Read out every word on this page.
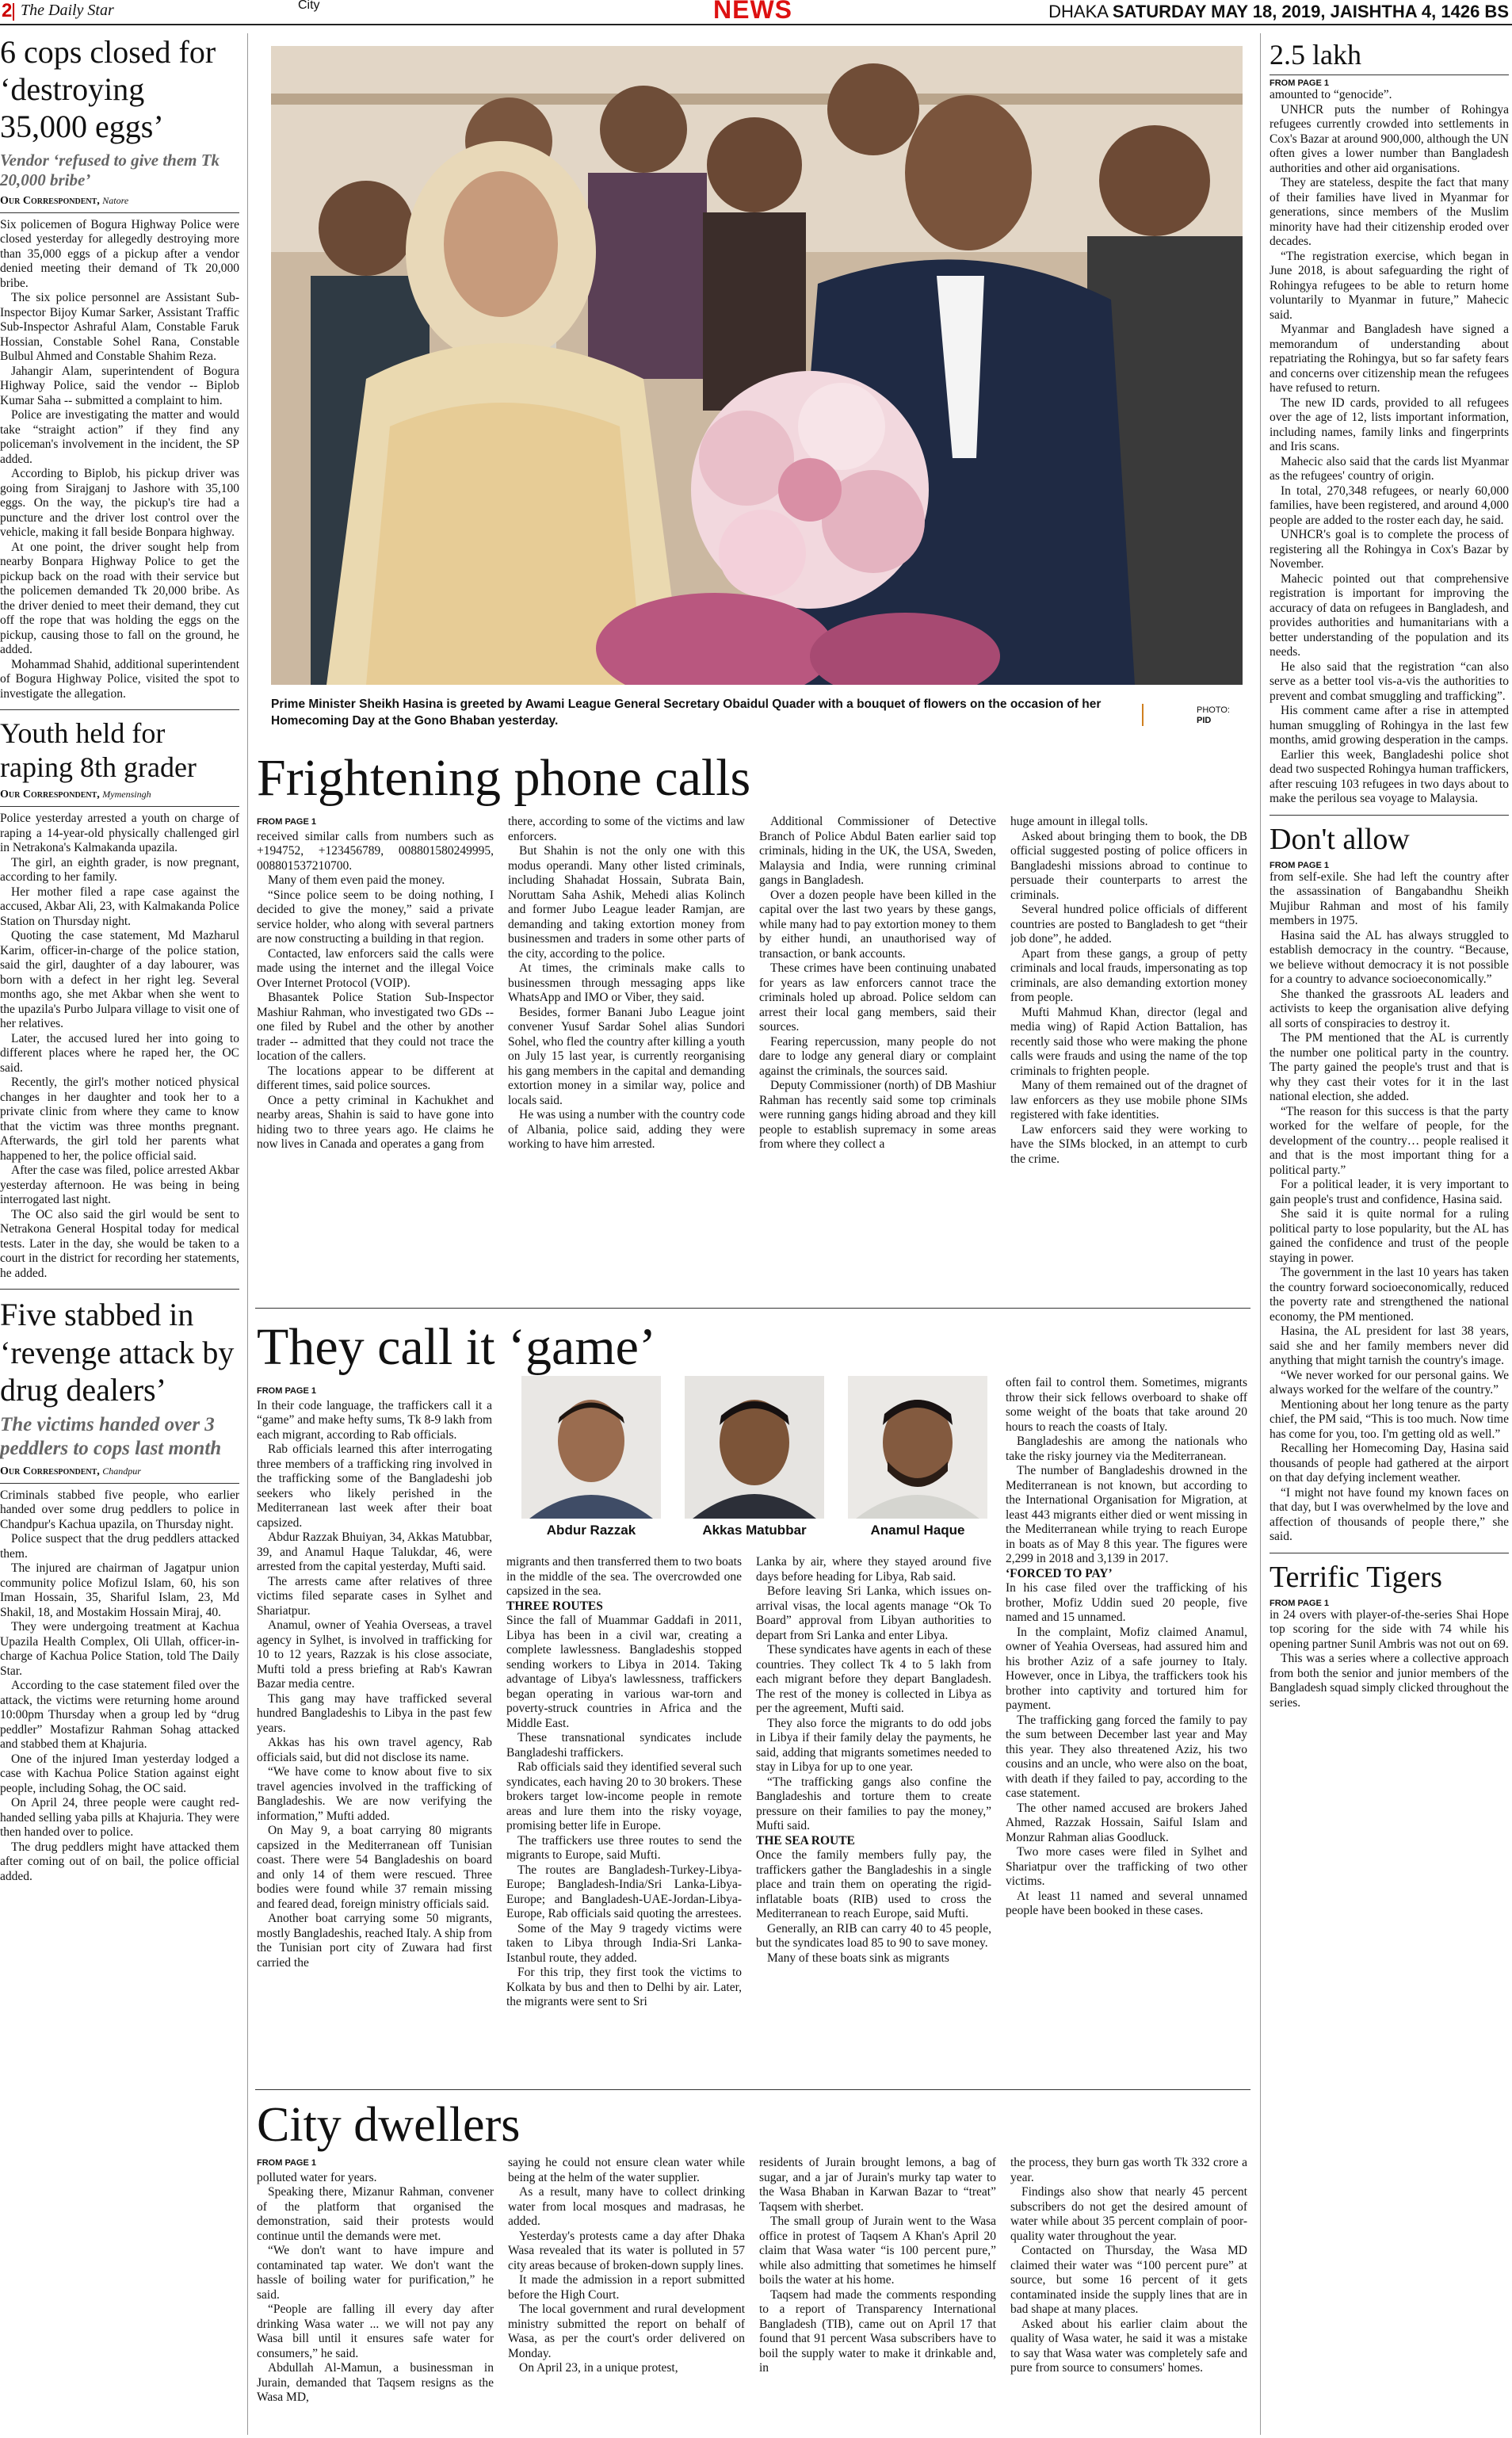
2 The Daily Star	City	NEWS	DHAKA SATURDAY MAY 18, 2019, JAISHTHA 4, 1426 BS
6 cops closed for ‘destroying 35,000 eggs’
Vendor ‘refused to give them Tk 20,000 bribe’
Our Correspondent, Natore

Six policemen of Bogura Highway Police were closed yesterday for allegedly destroying more than 35,000 eggs of a pickup after a vendor denied meeting their demand of Tk 20,000 bribe.

The six police personnel are Assistant Sub-Inspector Bijoy Kumar Sarker, Assistant Traffic Sub-Inspector Ashraful Alam, Constable Faruk Hossian, Constable Sohel Rana, Constable Bulbul Ahmed and Constable Shahim Reza.

Jahangir Alam, superintendent of Bogura Highway Police, said the vendor -- Biplob Kumar Saha -- submitted a complaint to him.

Police are investigating the matter and would take “straight action” if they find any policeman's involvement in the incident, the SP added.

According to Biplob, his pickup driver was going from Sirajganj to Jashore with 35,100 eggs. On the way, the pickup's tire had a puncture and the driver lost control over the vehicle, making it fall beside Bonpara highway.

At one point, the driver sought help from nearby Bonpara Highway Police to get the pickup back on the road with their service but the policemen demanded Tk 20,000 bribe. As the driver denied to meet their demand, they cut off the rope that was holding the eggs on the pickup, causing those to fall on the ground, he added.

Mohammad Shahid, additional superintendent of Bogura Highway Police, visited the spot to investigate the allegation.

Youth held for raping 8th grader
Our Correspondent, Mymensingh

Police yesterday arrested a youth on charge of raping a 14-year-old physically challenged girl in Netrakona's Kalmakanda upazila.

The girl, an eighth grader, is now pregnant, according to her family.

Her mother filed a rape case against the accused, Akbar Ali, 23, with Kalmakanda Police Station on Thursday night.

Quoting the case statement, Md Mazharul Karim, officer-in-charge of the police station, said the girl, daughter of a day labourer, was born with a defect in her right leg. Several months ago, she met Akbar when she went to the upazila's Purbo Julpara village to visit one of her relatives.

Later, the accused lured her into going to different places where he raped her, the OC said.

Recently, the girl's mother noticed physical changes in her daughter and took her to a private clinic from where they came to know that the victim was three months pregnant. Afterwards, the girl told her parents what happened to her, the police official said.

After the case was filed, police arrested Akbar yesterday afternoon. He was being in being interrogated last night.

The OC also said the girl would be sent to Netrakona General Hospital today for medical tests. Later in the day, she would be taken to a court in the district for recording her statements, he added.

Five stabbed in ‘revenge attack by drug dealers’
The victims handed over 3 peddlers to cops last month
Our Correspondent, Chandpur

Criminals stabbed five people, who earlier handed over some drug peddlers to police in Chandpur's Kachua upazila, on Thursday night.

Police suspect that the drug peddlers attacked them.

The injured are chairman of Jagatpur union community police Mofizul Islam, 60, his son Iman Hossain, 35, Shariful Islam, 23, Md Shakil, 18, and Mostakim Hossain Miraj, 40.

They were undergoing treatment at Kachua Upazila Health Complex, Oli Ullah, officer-in-charge of Kachua Police Station, told The Daily Star.

According to the case statement filed over the attack, the victims were returning home around 10:00pm Thursday when a group led by “drug peddler” Mostafizur Rahman Sohag attacked and stabbed them at Khajuria.

One of the injured Iman yesterday lodged a case with Kachua Police Station against eight people, including Sohag, the OC said.

On April 24, three people were caught red-handed selling yaba pills at Khajuria. They were then handed over to police.

The drug peddlers might have attacked them after coming out of on bail, the police official added.

Prime Minister Sheikh Hasina is greeted by Awami League General Secretary Obaidul Quader with a bouquet of flowers on the occasion of her Homecoming Day at the Gono Bhaban yesterday.
PHOTO:
PID
Frightening phone calls
FROM PAGE 1

received similar calls from numbers such as +194752, +123456789, 008801580249995, 008801537210700.

Many of them even paid the money.

“Since police seem to be doing nothing, I decided to give the money,” said a private service holder, who along with several partners are now constructing a building in that region.

Contacted, law enforcers said the calls were made using the internet and the illegal Voice Over Internet Protocol (VOIP).

Bhasantek Police Station Sub-Inspector Mashiur Rahman, who investigated two GDs -- one filed by Rubel and the other by another trader -- admitted that they could not trace the location of the callers.

The locations appear to be different at different times, said police sources.

Once a petty criminal in Kachukhet and nearby areas, Shahin is said to have gone into hiding two to three years ago. He claims he now lives in Canada and operates a gang from

there, according to some of the victims and law enforcers.

But Shahin is not the only one with this modus operandi. Many other listed criminals, including Shahadat Hossain, Subrata Bain, Noruttam Saha Ashik, Mehedi alias Kolinch and former Jubo League leader Ramjan, are demanding and taking extortion money from businessmen and traders in some other parts of the city, according to the police.

At times, the criminals make calls to businessmen through messaging apps like WhatsApp and IMO or Viber, they said.

Besides, former Banani Jubo League joint convener Yusuf Sardar Sohel alias Sundori Sohel, who fled the country after killing a youth on July 15 last year, is currently reorganising his gang members in the capital and demanding extortion money in a similar way, police and locals said.

He was using a number with the country code of Albania, police said, adding they were working to have him arrested.

Additional Commissioner of Detective Branch of Police Abdul Baten earlier said top criminals, hiding in the UK, the USA, Sweden, Malaysia and India, were running criminal gangs in Bangladesh.

Over a dozen people have been killed in the capital over the last two years by these gangs, while many had to pay extortion money to them by either hundi, an unauthorised way of transaction, or bank accounts.

These crimes have been continuing unabated for years as law enforcers cannot trace the criminals holed up abroad. Police seldom can arrest their local gang members, said their sources.

Fearing repercussion, many people do not dare to lodge any general diary or complaint against the criminals, the sources said.

Deputy Commissioner (north) of DB Mashiur Rahman has recently said some top criminals were running gangs hiding abroad and they kill people to establish supremacy in some areas from where they collect a

huge amount in illegal tolls.

Asked about bringing them to book, the DB official suggested posting of police officers in Bangladeshi missions abroad to continue to persuade their counterparts to arrest the criminals.

Several hundred police officials of different countries are posted to Bangladesh to get “their job done”, he added.

Apart from these gangs, a group of petty criminals and local frauds, impersonating as top criminals, are also demanding extortion money from people.

Mufti Mahmud Khan, director (legal and media wing) of Rapid Action Battalion, has recently said those who were making the phone calls were frauds and using the name of the top criminals to frighten people.

Many of them remained out of the dragnet of law enforcers as they use mobile phone SIMs registered with fake identities.

Law enforcers said they were working to have the SIMs blocked, in an attempt to curb the crime.

They call it ‘game’
FROM PAGE 1

In their code language, the traffickers call it a “game” and make hefty sums, Tk 8-9 lakh from each migrant, according to Rab officials.

Rab officials learned this after interrogating three members of a trafficking ring involved in the trafficking some of the Bangladeshi job seekers who likely perished in the Mediterranean last week after their boat capsized.

Abdur Razzak Bhuiyan, 34, Akkas Matubbar, 39, and Anamul Haque Talukdar, 46, were arrested from the capital yesterday, Mufti said.

The arrests came after relatives of three victims filed separate cases in Sylhet and Shariatpur.

Anamul, owner of Yeahia Overseas, a travel agency in Sylhet, is involved in trafficking for 10 to 12 years, Razzak is his close associate, Mufti told a press briefing at Rab's Kawran Bazar media centre.

This gang may have trafficked several hundred Bangladeshis to Libya in the past few years.

Akkas has his own travel agency, Rab officials said, but did not disclose its name.

“We have come to know about five to six travel agencies involved in the trafficking of Bangladeshis. We are now verifying the information,” Mufti added.

On May 9, a boat carrying 80 migrants capsized in the Mediterranean off Tunisian coast. There were 54 Bangladeshis on board and only 14 of them were rescued. Three bodies were found while 37 remain missing and feared dead, foreign ministry officials said.

Another boat carrying some 50 migrants, mostly Bangladeshis, reached Italy. A ship from the Tunisian port city of Zuwara had first carried the

Abdur Razzak	Akkas Matubbar	Anamul Haque

migrants and then transferred them to two boats in the middle of the sea. The overcrowded one capsized in the sea.

THREE ROUTES

Since the fall of Muammar Gaddafi in 2011, Libya has been in a civil war, creating a complete lawlessness. Bangladeshis stopped sending workers to Libya in 2014. Taking advantage of Libya's lawlessness, traffickers began operating in various war-torn and poverty-struck countries in Africa and the Middle East.

These transnational syndicates include Bangladeshi traffickers.

Rab officials said they identified several such syndicates, each having 20 to 30 brokers. These brokers target low-income people in remote areas and lure them into the risky voyage, promising better life in Europe.

The traffickers use three routes to send the migrants to Europe, said Mufti.

The routes are Bangladesh-Turkey-Libya-Europe; Bangladesh-India/Sri Lanka-Libya-Europe; and Bangladesh-UAE-Jordan-Libya-Europe, Rab officials said quoting the arrestees.

Some of the May 9 tragedy victims were taken to Libya through India-Sri Lanka-Istanbul route, they added.

For this trip, they first took the victims to Kolkata by bus and then to Delhi by air. Later, the migrants were sent to Sri

Lanka by air, where they stayed around five days before heading for Libya, Rab said.

Before leaving Sri Lanka, which issues on-arrival visas, the local agents manage “Ok To Board” approval from Libyan authorities to depart from Sri Lanka and enter Libya.

These syndicates have agents in each of these countries. They collect Tk 4 to 5 lakh from each migrant before they depart Bangladesh. The rest of the money is collected in Libya as per the agreement, Mufti said.

They also force the migrants to do odd jobs in Libya if their family delay the payments, he said, adding that migrants sometimes needed to stay in Libya for up to one year.

“The trafficking gangs also confine the Bangladeshis and torture them to create pressure on their families to pay the money,” Mufti said.

THE SEA ROUTE

Once the family members fully pay, the traffickers gather the Bangladeshis in a single place and train them on operating the rigid-inflatable boats (RIB) used to cross the Mediterranean to reach Europe, said Mufti.

Generally, an RIB can carry 40 to 45 people, but the syndicates load 85 to 90 to save money.

Many of these boats sink as migrants

often fail to control them. Sometimes, migrants throw their sick fellows overboard to shake off some weight of the boats that take around 20 hours to reach the coasts of Italy.

Bangladeshis are among the nationals who take the risky journey via the Mediterranean.

The number of Bangladeshis drowned in the Mediterranean is not known, but according to the International Organisation for Migration, at least 443 migrants either died or went missing in the Mediterranean while trying to reach Europe in boats as of May 8 this year. The figures were 2,299 in 2018 and 3,139 in 2017.

‘FORCED TO PAY’

In his case filed over the trafficking of his brother, Mofiz Uddin sued 20 people, five named and 15 unnamed.

In the complaint, Mofiz claimed Anamul, owner of Yeahia Overseas, had assured him and his brother Aziz of a safe journey to Italy. However, once in Libya, the traffickers took his brother into captivity and tortured him for payment.

The trafficking gang forced the family to pay the sum between December last year and May this year. They also threatened Aziz, his two cousins and an uncle, who were also on the boat, with death if they failed to pay, according to the case statement.

The other named accused are brokers Jahed Ahmed, Razzak Hossain, Saiful Islam and Monzur Rahman alias Goodluck.

Two more cases were filed in Sylhet and Shariatpur over the trafficking of two other victims.

At least 11 named and several unnamed people have been booked in these cases.

City dwellers
FROM PAGE 1

polluted water for years.

Speaking there, Mizanur Rahman, convener of the platform that organised the demonstration, said their protests would continue until the demands were met.

“We don't want to have impure and contaminated tap water. We don't want the hassle of boiling water for purification,” he said.

“People are falling ill every day after drinking Wasa water ... we will not pay any Wasa bill until it ensures safe water for consumers,” he said.

Abdullah Al-Mamun, a businessman in Jurain, demanded that Taqsem resigns as the Wasa MD,

saying he could not ensure clean water while being at the helm of the water supplier.

As a result, many have to collect drinking water from local mosques and madrasas, he added.

Yesterday's protests came a day after Dhaka Wasa revealed that its water is polluted in 57 city areas because of broken-down supply lines.

It made the admission in a report submitted before the High Court.

The local government and rural development ministry submitted the report on behalf of Wasa, as per the court's order delivered on Monday.

On April 23, in a unique protest,

residents of Jurain brought lemons, a bag of sugar, and a jar of Jurain's murky tap water to the Wasa Bhaban in Karwan Bazar to “treat” Taqsem with sherbet.

The small group of Jurain went to the Wasa office in protest of Taqsem A Khan's April 20 claim that Wasa water “is 100 percent pure,” while also admitting that sometimes he himself boils the water at his home.

Taqsem had made the comments responding to a report of Transparency International Bangladesh (TIB), came out on April 17 that found that 91 percent Wasa subscribers have to boil the supply water to make it drinkable and, in

the process, they burn gas worth Tk 332 crore a year.

Findings also show that nearly 45 percent subscribers do not get the desired amount of water while about 35 percent complain of poor-quality water throughout the year.

Contacted on Thursday, the Wasa MD claimed their water was “100 percent pure” at source, but some 16 percent of it gets contaminated inside the supply lines that are in bad shape at many places.

Asked about his earlier claim about the quality of Wasa water, he said it was a mistake to say that Wasa water was completely safe and pure from source to consumers' homes.

2.5 lakh
FROM PAGE 1

amounted to “genocide”.

UNHCR puts the number of Rohingya refugees currently crowded into settlements in Cox's Bazar at around 900,000, although the UN often gives a lower number than Bangladesh authorities and other aid organisations.

They are stateless, despite the fact that many of their families have lived in Myanmar for generations, since members of the Muslim minority have had their citizenship eroded over decades.

“The registration exercise, which began in June 2018, is about safeguarding the right of Rohingya refugees to be able to return home voluntarily to Myanmar in future,” Mahecic said.

Myanmar and Bangladesh have signed a memorandum of understanding about repatriating the Rohingya, but so far safety fears and concerns over citizenship mean the refugees have refused to return.

The new ID cards, provided to all refugees over the age of 12, lists important information, including names, family links and fingerprints and Iris scans.

Mahecic also said that the cards list Myanmar as the refugees' country of origin.

In total, 270,348 refugees, or nearly 60,000 families, have been registered, and around 4,000 people are added to the roster each day, he said.

UNHCR's goal is to complete the process of registering all the Rohingya in Cox's Bazar by November.

Mahecic pointed out that comprehensive registration is important for improving the accuracy of data on refugees in Bangladesh, and provides authorities and humanitarians with a better understanding of the population and its needs.

He also said that the registration “can also serve as a better tool vis-a-vis the authorities to prevent and combat smuggling and trafficking”.

His comment came after a rise in attempted human smuggling of Rohingya in the last few months, amid growing desperation in the camps.

Earlier this week, Bangladeshi police shot dead two suspected Rohingya human traffickers, after rescuing 103 refugees in two days about to make the perilous sea voyage to Malaysia.

Don't allow
FROM PAGE 1

from self-exile. She had left the country after the assassination of Bangabandhu Sheikh Mujibur Rahman and most of his family members in 1975.

Hasina said the AL has always struggled to establish democracy in the country. “Because, we believe without democracy it is not possible for a country to advance socioeconomically.”

She thanked the grassroots AL leaders and activists to keep the organisation alive defying all sorts of conspiracies to destroy it.

The PM mentioned that the AL is currently the number one political party in the country. The party gained the people's trust and that is why they cast their votes for it in the last national election, she added.

“The reason for this success is that the party worked for the welfare of people, for the development of the country… people realised it and that is the most important thing for a political party.”

For a political leader, it is very important to gain people's trust and confidence, Hasina said.

She said it is quite normal for a ruling political party to lose popularity, but the AL has gained the confidence and trust of the people staying in power.

The government in the last 10 years has taken the country forward socioeconomically, reduced the poverty rate and strengthened the national economy, the PM mentioned.

Hasina, the AL president for last 38 years, said she and her family members never did anything that might tarnish the country's image.

“We never worked for our personal gains. We always worked for the welfare of the country.”

Mentioning about her long tenure as the party chief, the PM said, “This is too much. Now time has come for you, too. I'm getting old as well.”

Recalling her Homecoming Day, Hasina said thousands of people had gathered at the airport on that day defying inclement weather.

“I might not have found my known faces on that day, but I was overwhelmed by the love and affection of thousands of people there,” she said.

Terrific Tigers
FROM PAGE 1

in 24 overs with player-of-the-series Shai Hope top scoring for the side with 74 while his opening partner Sunil Ambris was not out on 69.

This was a series where a collective approach from both the senior and junior members of the Bangladesh squad simply clicked throughout the series.
